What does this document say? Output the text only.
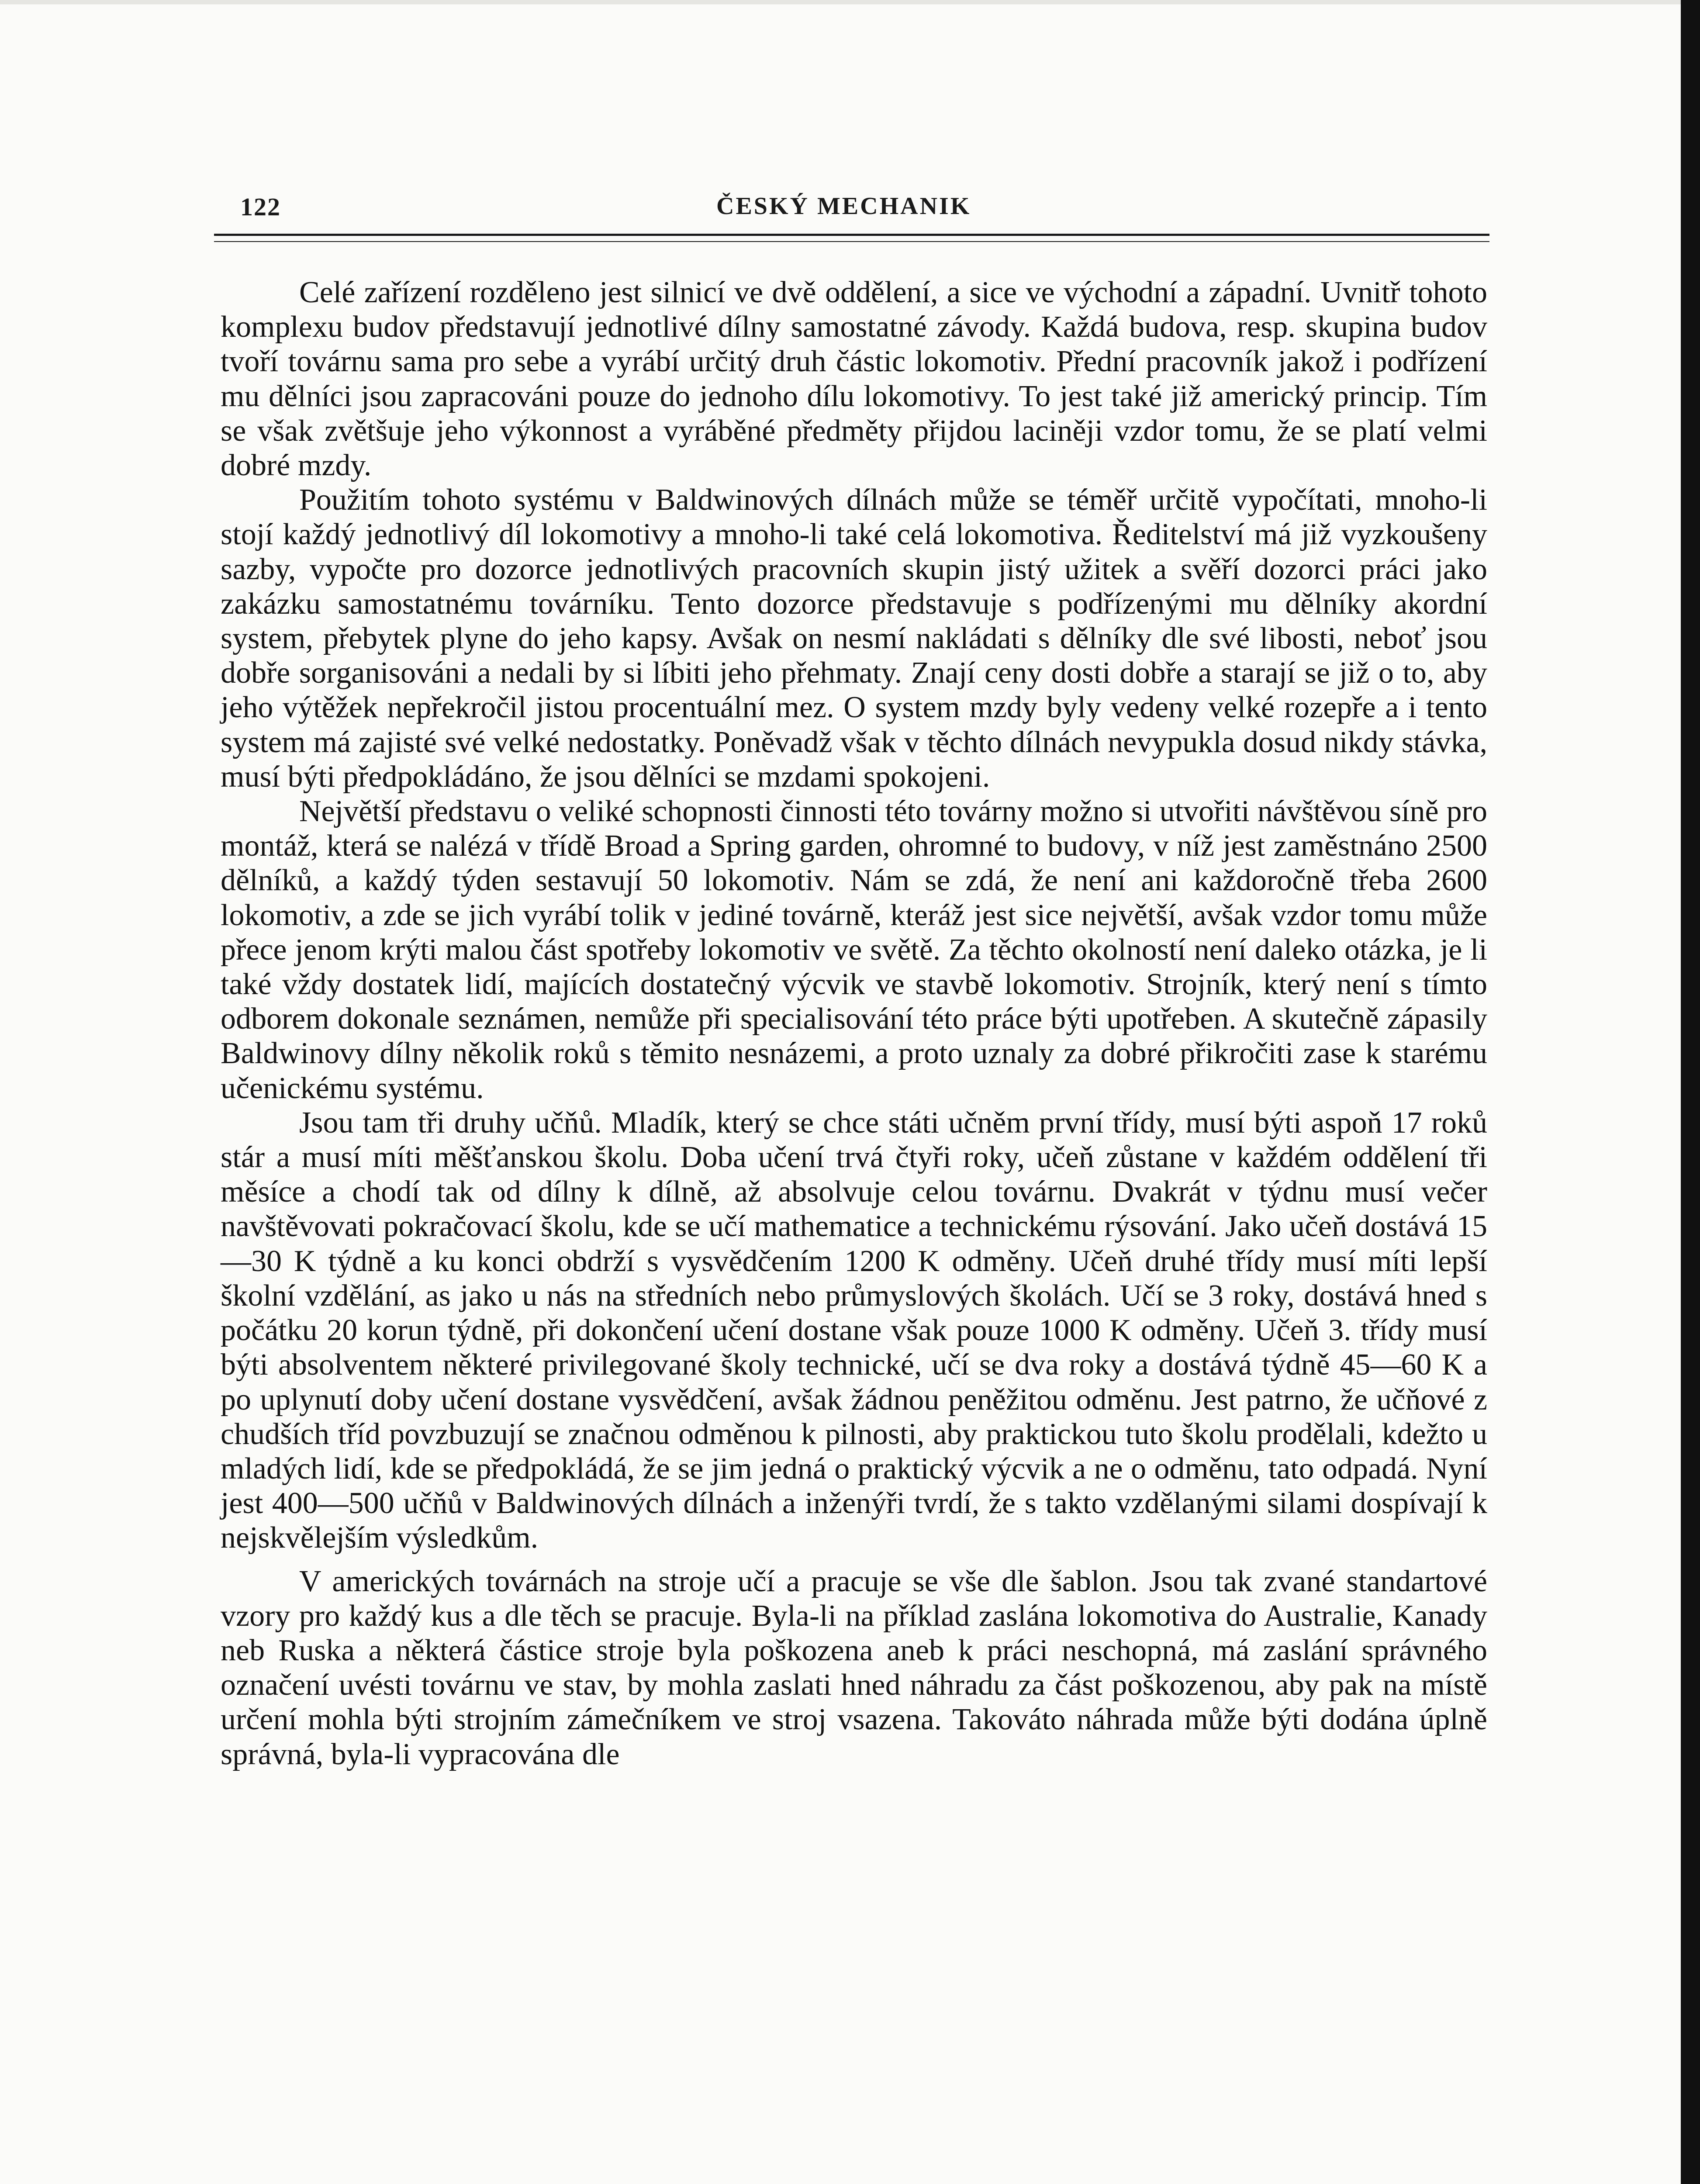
122	ČESKÝ MECHANIK

Celé zařízení rozděleno jest silnicí ve dvě oddělení, a sice ve východní a západní. Uvnitř tohoto komplexu budov představují jednotlivé dílny samostatné závody. Každá budova, resp. skupina budov tvoří továrnu sama pro sebe a vyrábí určitý druh částic lokomotiv. Přední pracovník jakož i podřízení mu dělníci jsou zapracováni pouze do jednoho dílu lokomotivy. To jest také již americký princip. Tím se však zvětšuje jeho výkonnost a vyráběné předměty přijdou laciněji vzdor tomu, že se platí velmi dobré mzdy.

Použitím tohoto systému v Baldwinových dílnách může se téměř určitě vypočítati, mnoho-li stojí každý jednotlivý díl lokomotivy a mnoho-li také celá lokomotiva. Ředitelství má již vyzkoušeny sazby, vypočte pro dozorce jednotlivých pracovních skupin jistý užitek a svěří dozorci práci jako zakázku samostatnému továrníku. Tento dozorce představuje s podřízenými mu dělníky akordní system, přebytek plyne do jeho kapsy. Avšak on nesmí nakládati s dělníky dle své libosti, neboť jsou dobře sorganisováni a nedali by si líbiti jeho přehmaty. Znají ceny dosti dobře a starají se již o to, aby jeho výtěžek nepřekročil jistou procentuální mez. O system mzdy byly vedeny velké rozepře a i tento system má zajisté své velké nedostatky. Poněvadž však v těchto dílnách nevypukla dosud nikdy stávka, musí býti předpokládáno, že jsou dělníci se mzdami spokojeni.

Největší představu o veliké schopnosti činnosti této továrny možno si utvořiti návštěvou síně pro montáž, která se nalézá v třídě Broad a Spring garden, ohromné to budovy, v níž jest zaměstnáno 2500 dělníků, a každý týden sestavují 50 lokomotiv. Nám se zdá, že není ani každoročně třeba 2600 lokomotiv, a zde se jich vyrábí tolik v jediné továrně, kteráž jest sice největší, avšak vzdor tomu může přece jenom krýti malou část spotřeby lokomotiv ve světě. Za těchto okolností není daleko otázka, je li také vždy dostatek lidí, majících dostatečný výcvik ve stavbě lokomotiv. Strojník, který není s tímto odborem dokonale seznámen, nemůže při specialisování této práce býti upotřeben. A skutečně zápasily Baldwinovy dílny několik roků s těmito nesnázemi, a proto uznaly za dobré přikročiti zase k starému učenickému systému.

Jsou tam tři druhy učňů. Mladík, který se chce státi učněm první třídy, musí býti aspoň 17 roků stár a musí míti měšťanskou školu. Doba učení trvá čtyři roky, učeň zůstane v každém oddělení tři měsíce a chodí tak od dílny k dílně, až absolvuje celou továrnu. Dvakrát v týdnu musí večer navštěvovati pokračovací školu, kde se učí mathematice a technickému rýsování. Jako učeň dostává 15—30 K týdně a ku konci obdrží s vysvědčením 1200 K odměny. Učeň druhé třídy musí míti lepší školní vzdělání, as jako u nás na středních nebo průmyslových školách. Učí se 3 roky, dostává hned s počátku 20 korun týdně, při dokončení učení dostane však pouze 1000 K odměny. Učeň 3. třídy musí býti absolventem některé privilegované školy technické, učí se dva roky a dostává týdně 45—60 K a po uplynutí doby učení dostane vysvědčení, avšak žádnou peněžitou odměnu. Jest patrno, že učňové z chudších tříd povzbuzují se značnou odměnou k pilnosti, aby praktickou tuto školu prodělali, kdežto u mladých lidí, kde se předpokládá, že se jim jedná o praktický výcvik a ne o odměnu, tato odpadá. Nyní jest 400—500 učňů v Baldwinových dílnách a inženýři tvrdí, že s takto vzdělanými silami dospívají k nejskvělejším výsledkům.

V amerických továrnách na stroje učí a pracuje se vše dle šablon. Jsou tak zvané standartové vzory pro každý kus a dle těch se pracuje. Byla-li na příklad zaslána lokomotiva do Australie, Kanady neb Ruska a některá částice stroje byla poškozena aneb k práci neschopná, má zaslání správného označení uvésti továrnu ve stav, by mohla zaslati hned náhradu za část poškozenou, aby pak na místě určení mohla býti strojním zámečníkem ve stroj vsazena. Takováto náhrada může býti dodána úplně správná, byla-li vypracována dle
